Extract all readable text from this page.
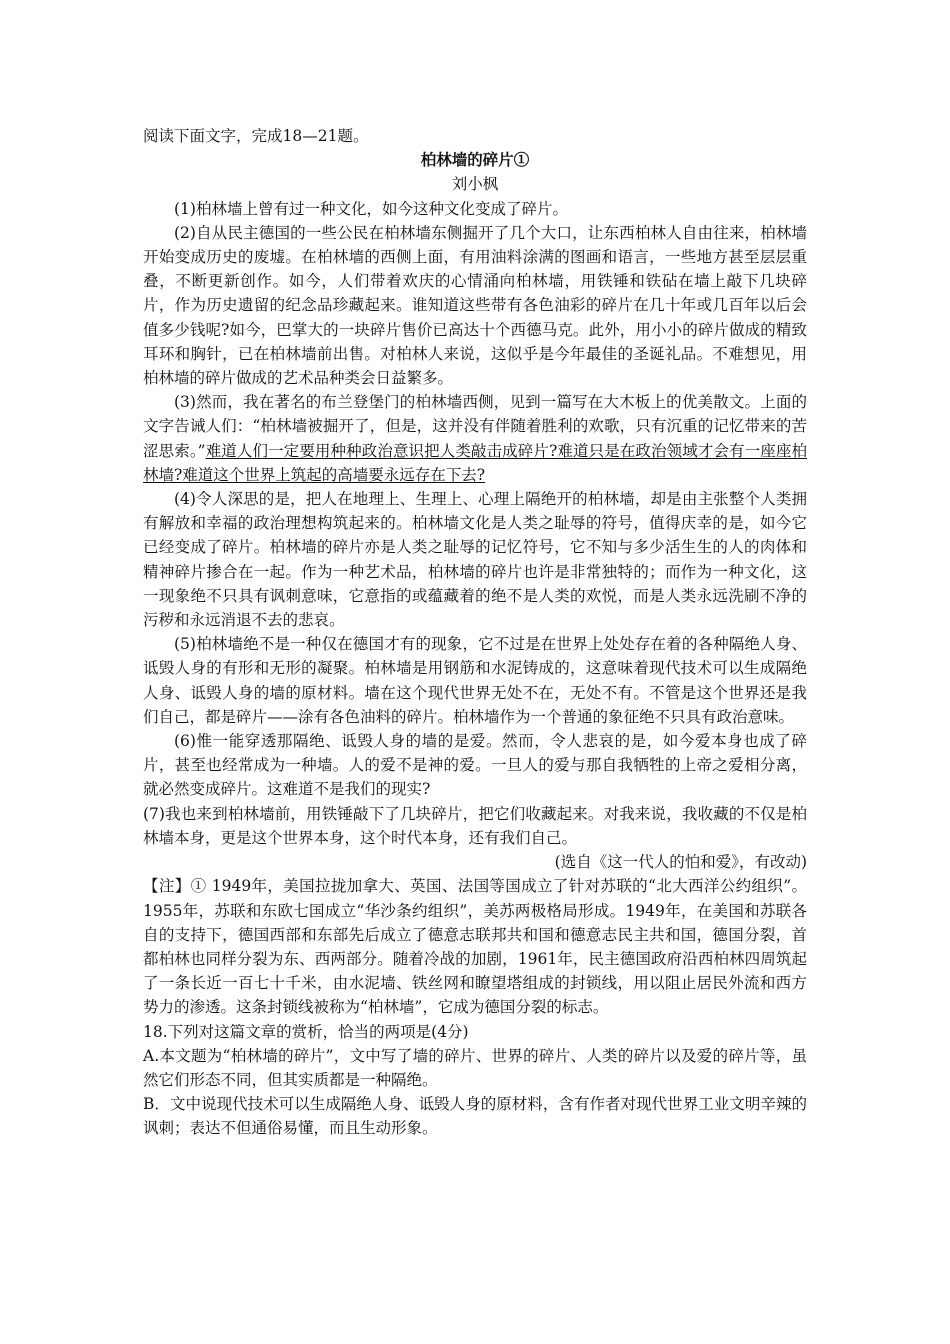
阅读下面文字，完成18—21题。

柏林墙的碎片①

刘小枫

(1)柏林墙上曾有过一种文化，如今这种文化变成了碎片。

(2)自从民主德国的一些公民在柏林墙东侧掘开了几个大口，让东西柏林人自由往来，柏林墙开始变成历史的废墟。在柏林墙的西侧上面，有用油料涂满的图画和语言，一些地方甚至层层重叠，不断更新创作。如今，人们带着欢庆的心情涌向柏林墙，用铁锤和铁砧在墙上敲下几块碎片，作为历史遗留的纪念品珍藏起来。谁知道这些带有各色油彩的碎片在几十年或几百年以后会值多少钱呢?如今，巴掌大的一块碎片售价已高达十个西德马克。此外，用小小的碎片做成的精致耳环和胸针，已在柏林墙前出售。对柏林人来说，这似乎是今年最佳的圣诞礼品。不难想见，用柏林墙的碎片做成的艺术品种类会日益繁多。

(3)然而，我在著名的布兰登堡门的柏林墙西侧，见到一篇写在大木板上的优美散文。上面的文字告诫人们：“柏林墙被掘开了，但是，这并没有伴随着胜利的欢歌，只有沉重的记忆带来的苦涩思索。”难道人们一定要用种种政治意识把人类敲击成碎片?难道只是在政治领域才会有一座座柏林墙?难道这个世界上筑起的高墙要永远存在下去?

(4)令人深思的是，把人在地理上、生理上、心理上隔绝开的柏林墙，却是由主张整个人类拥有解放和幸福的政治理想构筑起来的。柏林墙文化是人类之耻辱的符号，值得庆幸的是，如今它已经变成了碎片。柏林墙的碎片亦是人类之耻辱的记忆符号，它不知与多少活生生的人的肉体和精神碎片掺合在一起。作为一种艺术品，柏林墙的碎片也许是非常独特的；而作为一种文化，这一现象绝不只具有讽刺意味，它意指的或蕴藏着的绝不是人类的欢悦，而是人类永远洗刷不净的污秽和永远消退不去的悲哀。

(5)柏林墙绝不是一种仅在德国才有的现象，它不过是在世界上处处存在着的各种隔绝人身、诋毁人身的有形和无形的凝聚。柏林墙是用钢筋和水泥铸成的，这意味着现代技术可以生成隔绝人身、诋毁人身的墙的原材料。墙在这个现代世界无处不在，无处不有。不管是这个世界还是我们自己，都是碎片——涂有各色油料的碎片。柏林墙作为一个普通的象征绝不只具有政治意味。

(6)惟一能穿透那隔绝、诋毁人身的墙的是爱。然而，令人悲哀的是，如今爱本身也成了碎片，甚至也经常成为一种墙。人的爱不是神的爱。一旦人的爱与那自我牺牲的上帝之爱相分离，就必然变成碎片。这难道不是我们的现实?

(7)我也来到柏林墙前，用铁锤敲下了几块碎片，把它们收藏起来。对我来说，我收藏的不仅是柏林墙本身，更是这个世界本身，这个时代本身，还有我们自己。

(选自《这一代人的怕和爱》，有改动)

【注】① 1949年，美国拉拢加拿大、英国、法国等国成立了针对苏联的“北大西洋公约组织”。1955年，苏联和东欧七国成立“华沙条约组织”，美苏两极格局形成。1949年，在美国和苏联各自的支持下，德国西部和东部先后成立了德意志联邦共和国和德意志民主共和国，德国分裂，首都柏林也同样分裂为东、西两部分。随着冷战的加剧，1961年，民主德国政府沿西柏林四周筑起了一条长近一百七十千米，由水泥墙、铁丝网和瞭望塔组成的封锁线，用以阻止居民外流和西方势力的渗透。这条封锁线被称为“柏林墙”，它成为德国分裂的标志。

18.下列对这篇文章的赏析，恰当的两项是(4分)

A.本文题为“柏林墙的碎片”，文中写了墙的碎片、世界的碎片、人类的碎片以及爱的碎片等，虽然它们形态不同，但其实质都是一种隔绝。

B．文中说现代技术可以生成隔绝人身、诋毁人身的原材料，含有作者对现代世界工业文明辛辣的讽刺；表达不但通俗易懂，而且生动形象。
